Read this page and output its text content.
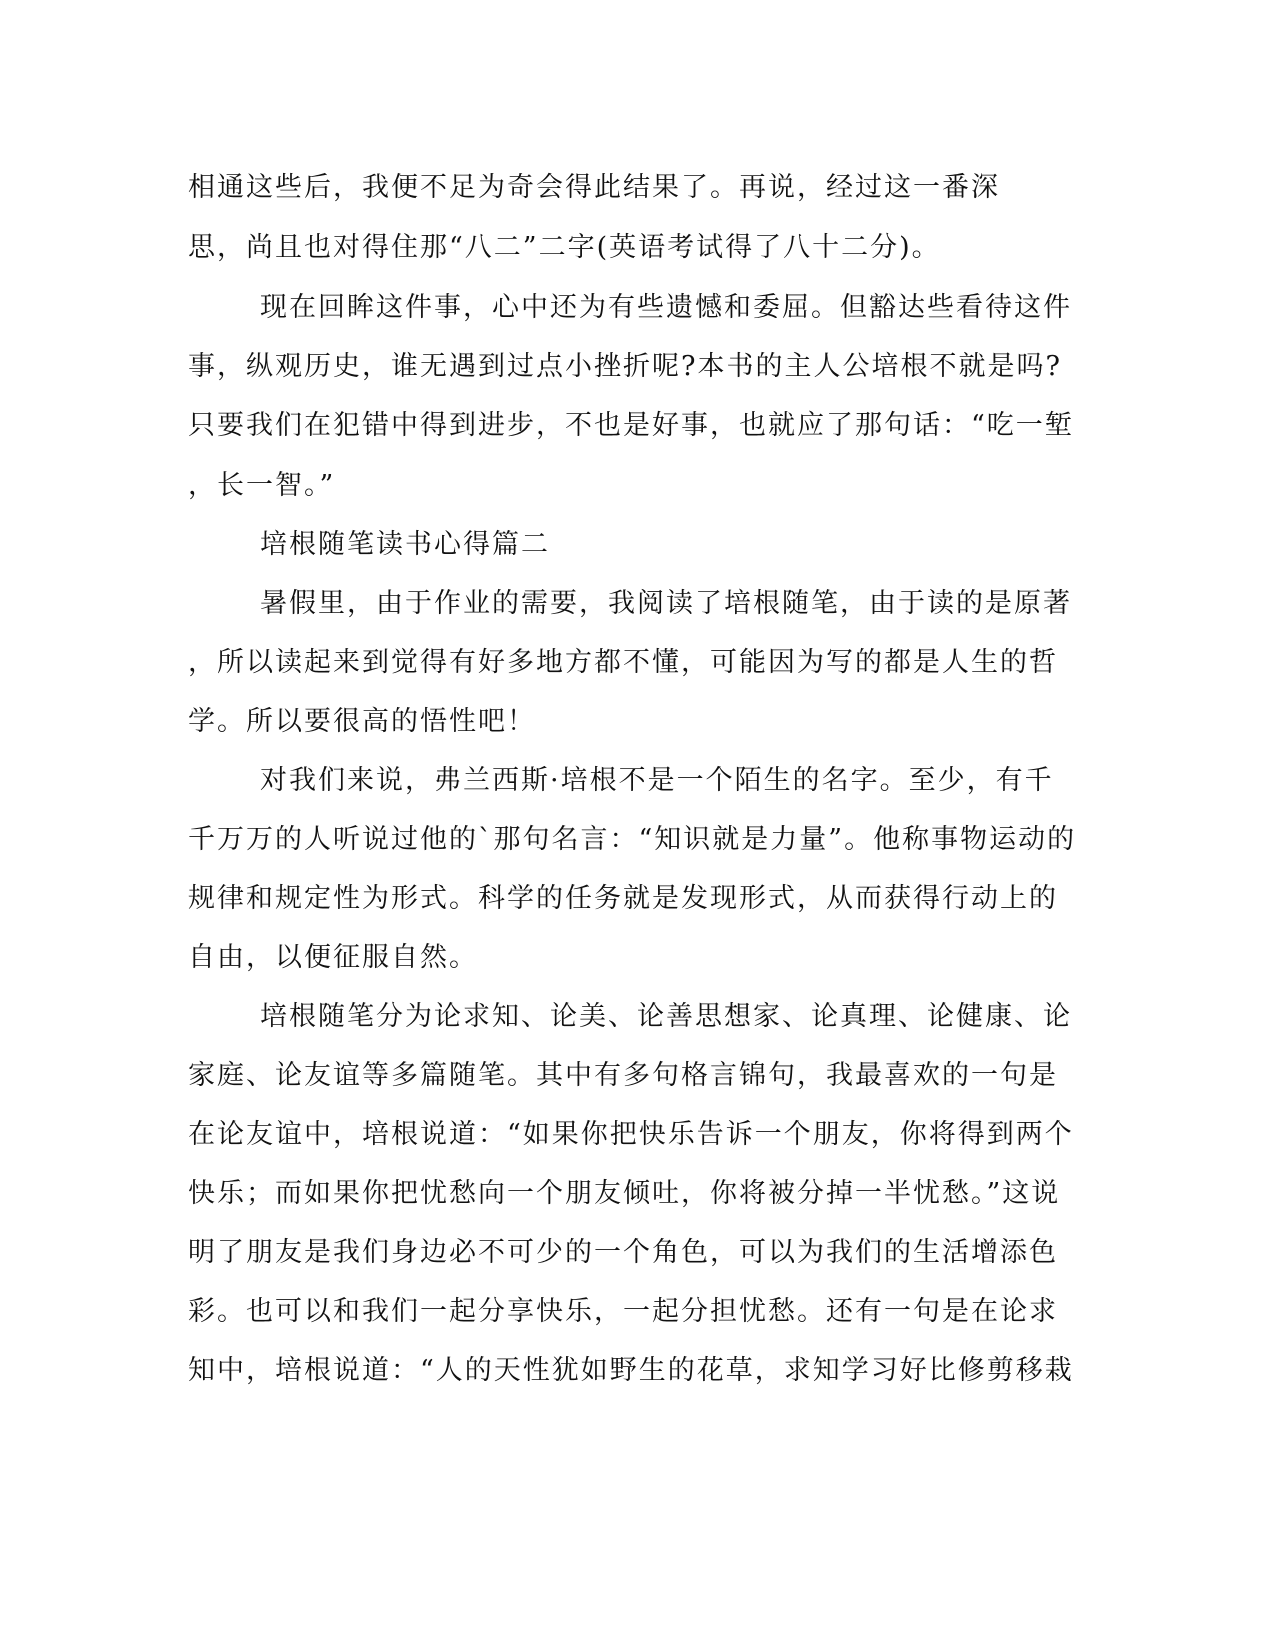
相通这些后，我便不足为奇会得此结果了。再说，经过这一番深
思，尚且也对得住那“八二”二字(英语考试得了八十二分)。
现在回眸这件事，心中还为有些遗憾和委屈。但豁达些看待这件
事，纵观历史，谁无遇到过点小挫折呢?本书的主人公培根不就是吗?
只要我们在犯错中得到进步，不也是好事，也就应了那句话：“吃一堑
，长一智。”
培根随笔读书心得篇二
暑假里，由于作业的需要，我阅读了培根随笔，由于读的是原著
，所以读起来到觉得有好多地方都不懂，可能因为写的都是人生的哲
学。所以要很高的悟性吧！
对我们来说，弗兰西斯·培根不是一个陌生的名字。至少，有千
千万万的人听说过他的`那句名言：“知识就是力量”。他称事物运动的
规律和规定性为形式。科学的任务就是发现形式，从而获得行动上的
自由，以便征服自然。
培根随笔分为论求知、论美、论善思想家、论真理、论健康、论
家庭、论友谊等多篇随笔。其中有多句格言锦句，我最喜欢的一句是
在论友谊中，培根说道：“如果你把快乐告诉一个朋友，你将得到两个
快乐；而如果你把忧愁向一个朋友倾吐，你将被分掉一半忧愁。”这说
明了朋友是我们身边必不可少的一个角色，可以为我们的生活增添色
彩。也可以和我们一起分享快乐，一起分担忧愁。还有一句是在论求
知中，培根说道：“人的天性犹如野生的花草，求知学习好比修剪移栽
